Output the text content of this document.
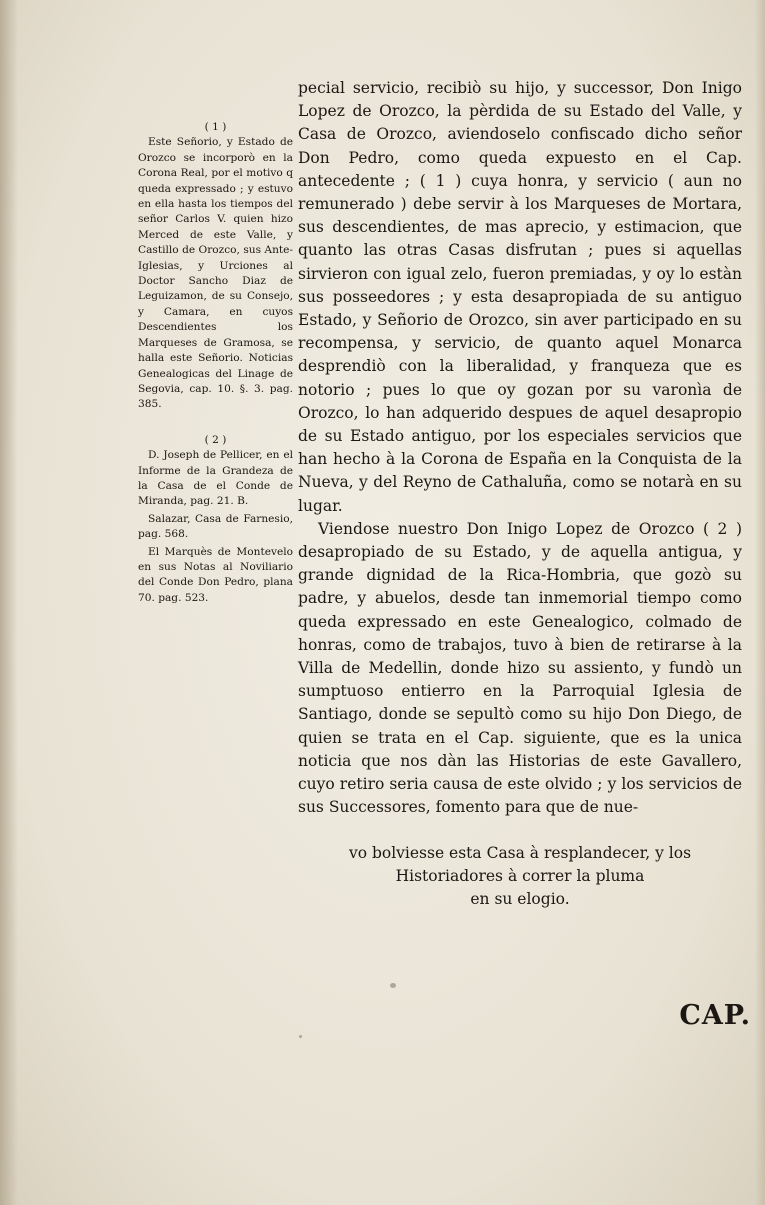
( 1 )

Este Señorio, y Estado de Orozco se incorporò en la Corona Real, por el motivo q queda expressado ; y estuvo en ella hasta los tiempos del señor Carlos V. quien hizo Merced de este Valle, y Castillo de Orozco, sus Ante-Iglesias, y Urciones al Doctor Sancho Diaz de Leguizamon, de su Consejo, y Camara, en cuyos Descendientes los Marqueses de Gramosa, se halla este Señorio. Noticias Genealogicas del Linage de Segovia, cap. 10. §. 3. pag. 385.

( 2 )

D. Joseph de Pellicer, en el Informe de la Grandeza de la Casa de el Conde de Miranda, pag. 21. B.

Salazar, Casa de Farnesio, pag. 568.

El Marquès de Montevelo en sus Notas al Noviliario del Conde Don Pedro, plana 70. pag. 523.

pecial servicio, recibiò su hijo, y successor, Don Inigo Lopez de Orozco, la pèrdida de su Estado del Valle, y Casa de Orozco, aviendoselo confiscado dicho señor Don Pedro, como queda expuesto en el Cap. antecedente ; ( 1 ) cuya honra, y servicio ( aun no remunerado ) debe servir à los Marqueses de Mortara, sus descendientes, de mas aprecio, y estimacion, que quanto las otras Casas disfrutan ; pues si aquellas sirvieron con igual zelo, fueron premiadas, y oy lo estàn sus posseedores ; y esta desapropiada de su antiguo Estado, y Señorio de Orozco, sin aver participado en su recompensa, y servicio, de quanto aquel Monarca desprendiò con la liberalidad, y franqueza que es notorio ; pues lo que oy gozan por su varonìa de Orozco, lo han adquerido despues de aquel desapropio de su Estado antiguo, por los especiales servicios que han hecho à la Corona de España en la Conquista de la Nueva, y del Reyno de Cathaluña, como se notarà en su lugar.

Viendose nuestro Don Inigo Lopez de Orozco ( 2 ) desapropiado de su Estado, y de aquella antigua, y grande dignidad de la Rica-Hombria, que gozò su padre, y abuelos, desde tan inmemorial tiempo como queda expressado en este Genealogico, colmado de honras, como de trabajos, tuvo à bien de retirarse à la Villa de Medellin, donde hizo su assiento, y fundò un sumptuoso entierro en la Parroquial Iglesia de Santiago, donde se sepultò como su hijo Don Diego, de quien se trata en el Cap. siguiente, que es la unica noticia que nos dàn las Historias de este Gavallero, cuyo retiro seria causa de este olvido ; y los servicios de sus Successores, fomento para que de nue-

vo bolviesse esta Casa à resplandecer, y los
Historiadores à correr la pluma
en su elogio.
CAP.
